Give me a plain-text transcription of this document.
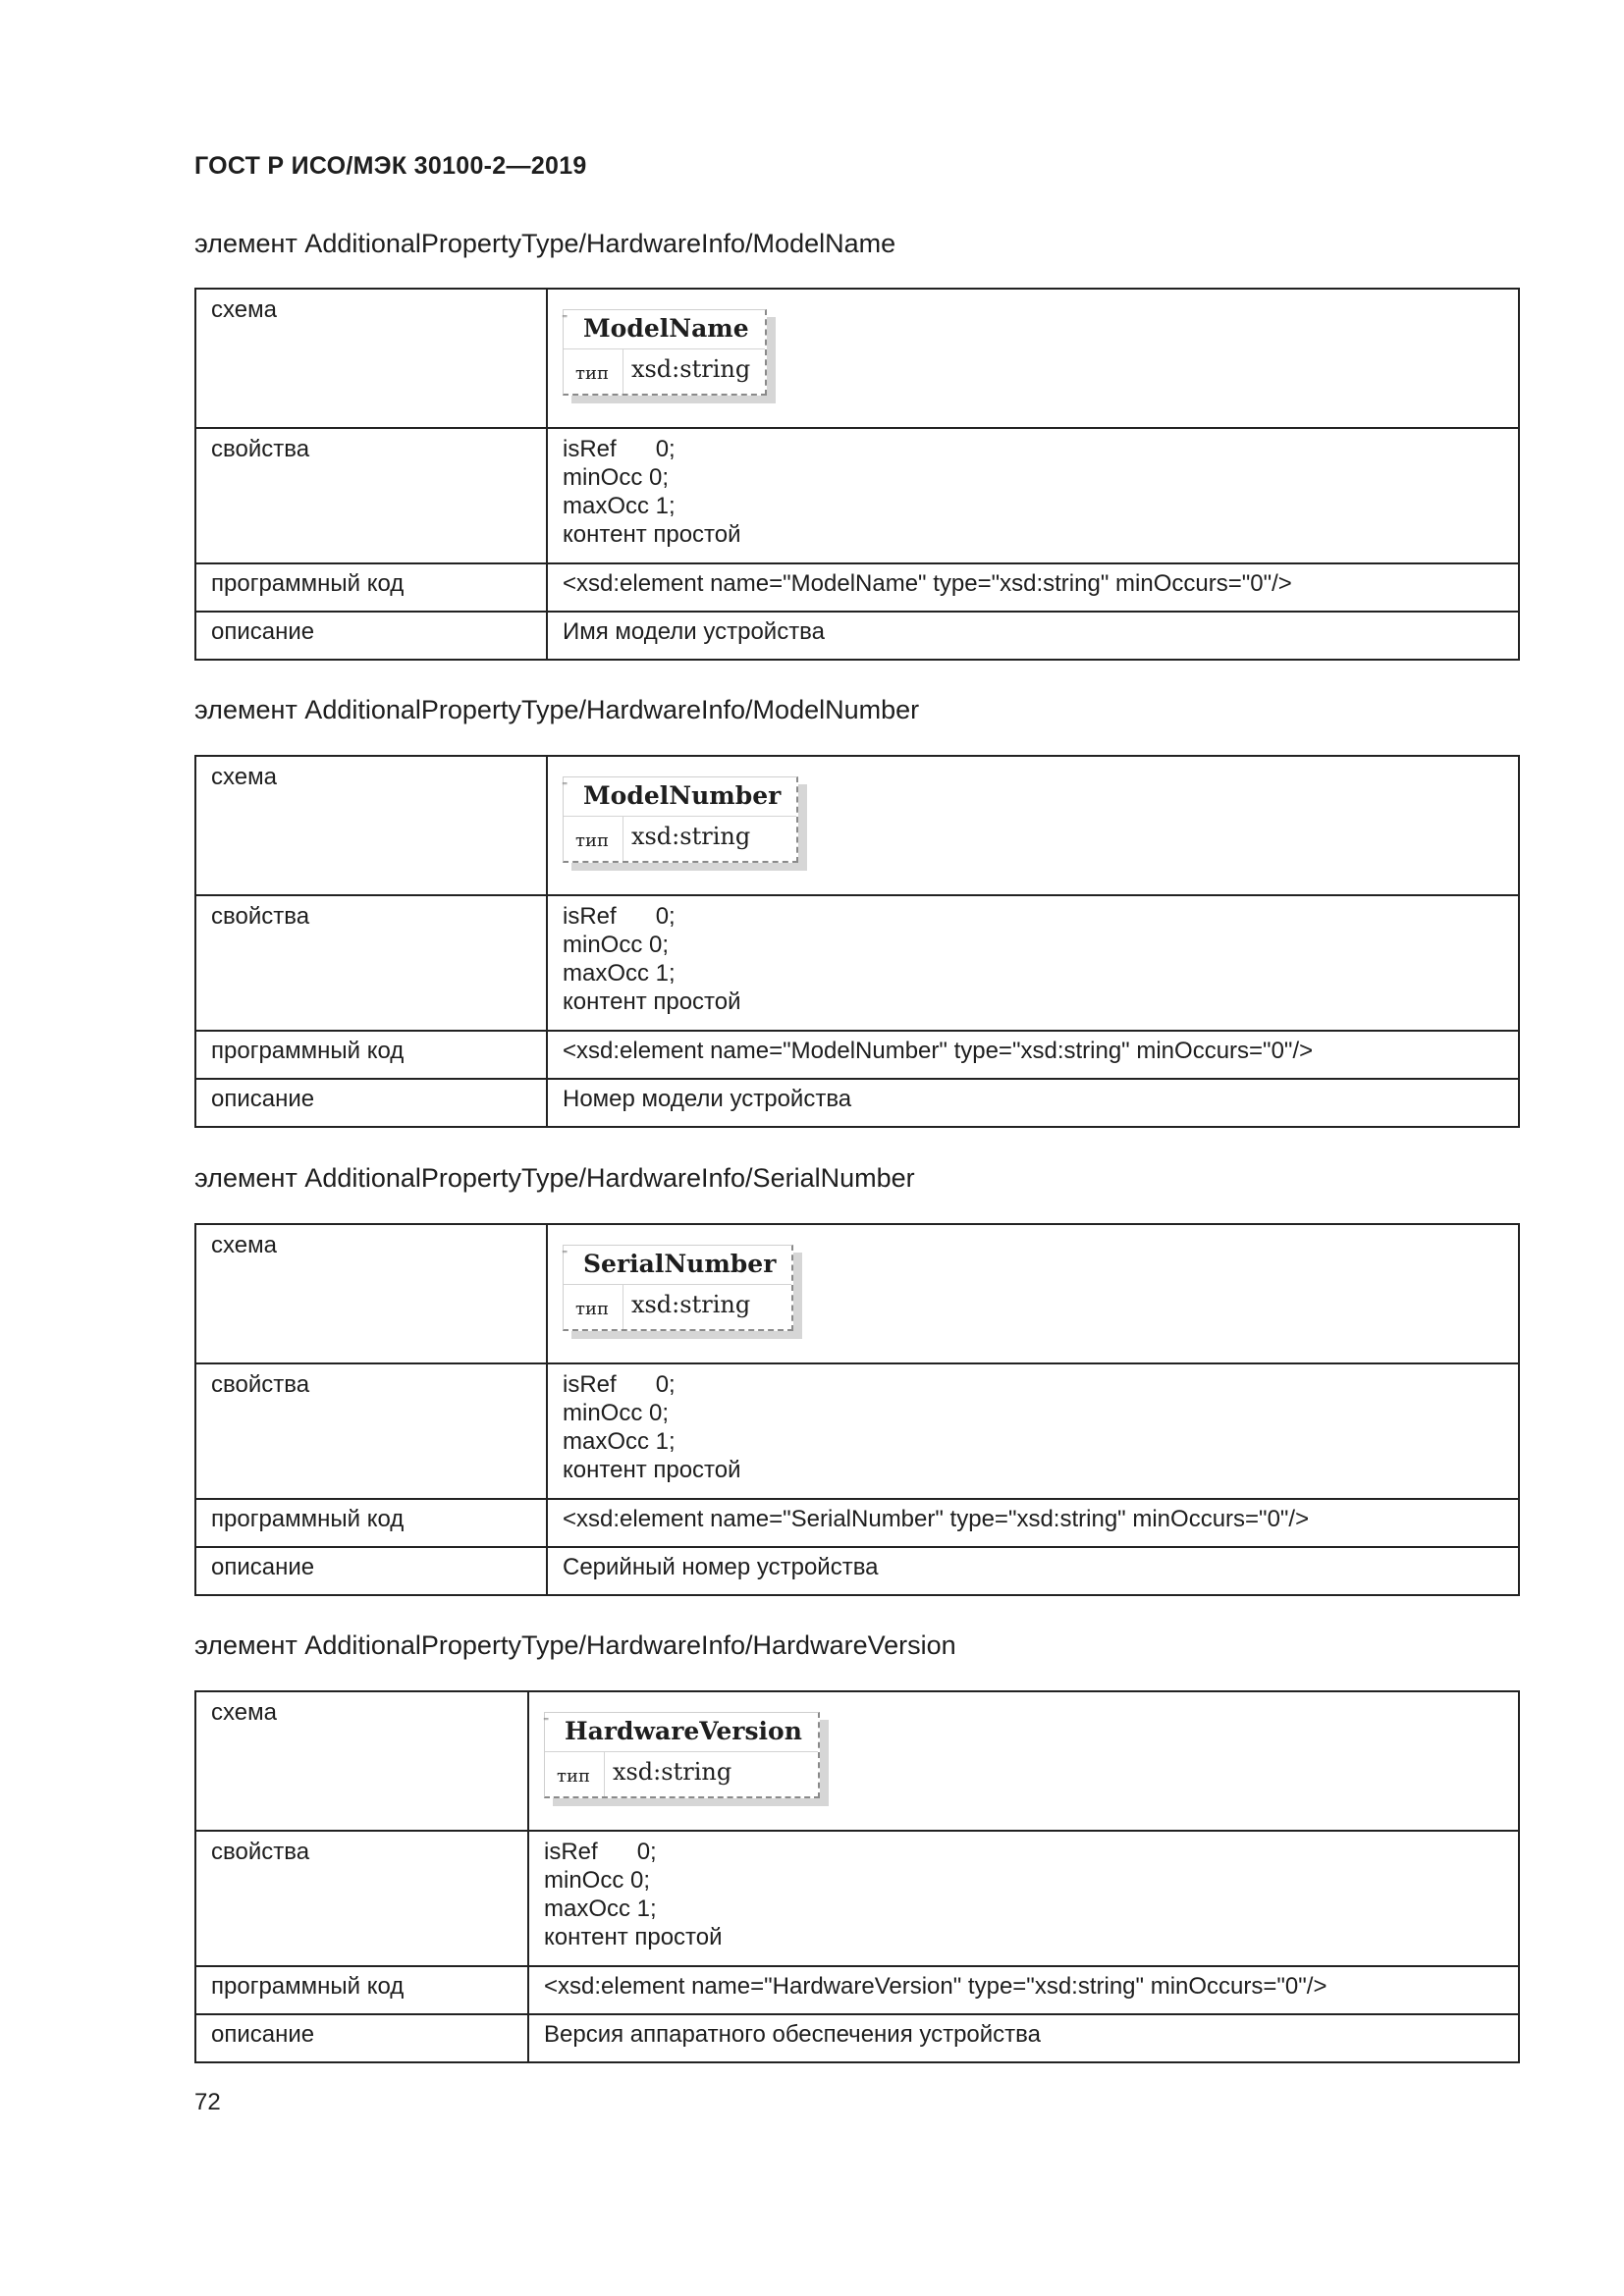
ГОСТ Р ИСО/МЭК 30100-2—2019
элемент AdditionalPropertyType/HardwareInfo/ModelName
схема	⁼ ModelName
тип xsd:string

свойства	isRef      0;
minOcc 0;
maxOcc 1;
контент простой

программный код	<xsd:element name="ModelName" type="xsd:string" minOccurs="0"/>
описание	Имя модели устройства
элемент AdditionalPropertyType/HardwareInfo/ModelNumber
схема	⁼ ModelNumber
тип xsd:string

свойства	isRef      0;
minOcc 0;
maxOcc 1;
контент простой

программный код	<xsd:element name="ModelNumber" type="xsd:string" minOccurs="0"/>
описание	Номер модели устройства
элемент AdditionalPropertyType/HardwareInfo/SerialNumber
схема	⁼ SerialNumber
тип xsd:string

свойства	isRef      0;
minOcc 0;
maxOcc 1;
контент простой

программный код	<xsd:element name="SerialNumber" type="xsd:string" minOccurs="0"/>
описание	Серийный номер устройства
элемент AdditionalPropertyType/HardwareInfo/HardwareVersion
схема	⁼ HardwareVersion
тип xsd:string

свойства	isRef      0;
minOcc 0;
maxOcc 1;
контент простой

программный код	<xsd:element name="HardwareVersion" type="xsd:string" minOccurs="0"/>
описание	Версия аппаратного обеспечения устройства
72
